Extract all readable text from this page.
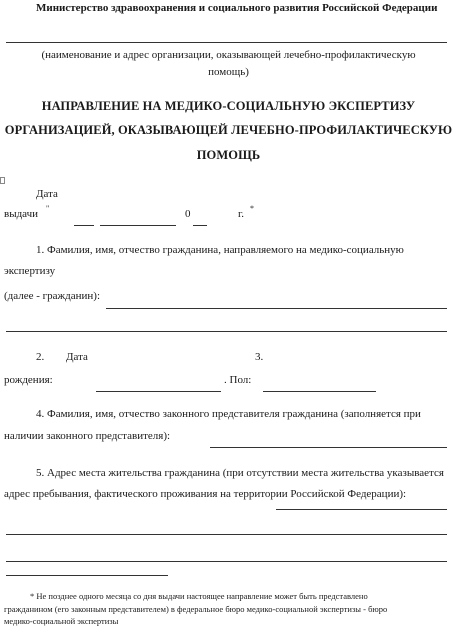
Министерство здравоохранения и социального развития Российской Федерации
(наименование и адрес организации, оказывающей лечебно-профилактическую
помощь)
НАПРАВЛЕНИЕ НА МЕДИКО-СОЦИАЛЬНУЮ ЭКСПЕРТИЗУ
ОРГАНИЗАЦИЕЙ, ОКАЗЫВАЮЩЕЙ ЛЕЧЕБНО-ПРОФИЛАКТИЧЕСКУЮ
ПОМОЩЬ
Дата
выдачи "	0	г. *
1. Фамилия, имя, отчество гражданина, направляемого на медико-социальную
экспертизу
(далее - гражданин):
2. Дата	3.
рождения:	. Пол:
4. Фамилия, имя, отчество законного представителя гражданина (заполняется при
наличии законного представителя):
5. Адрес места жительства гражданина (при отсутствии места жительства указывается
адрес пребывания, фактического проживания на территории Российской Федерации):
* Не позднее одного месяца со дня выдачи настоящее направление может быть представлено
гражданином (его законным представителем) в федеральное бюро медико-социальной экспертизы - бюро
медико-социальной экспертизы
